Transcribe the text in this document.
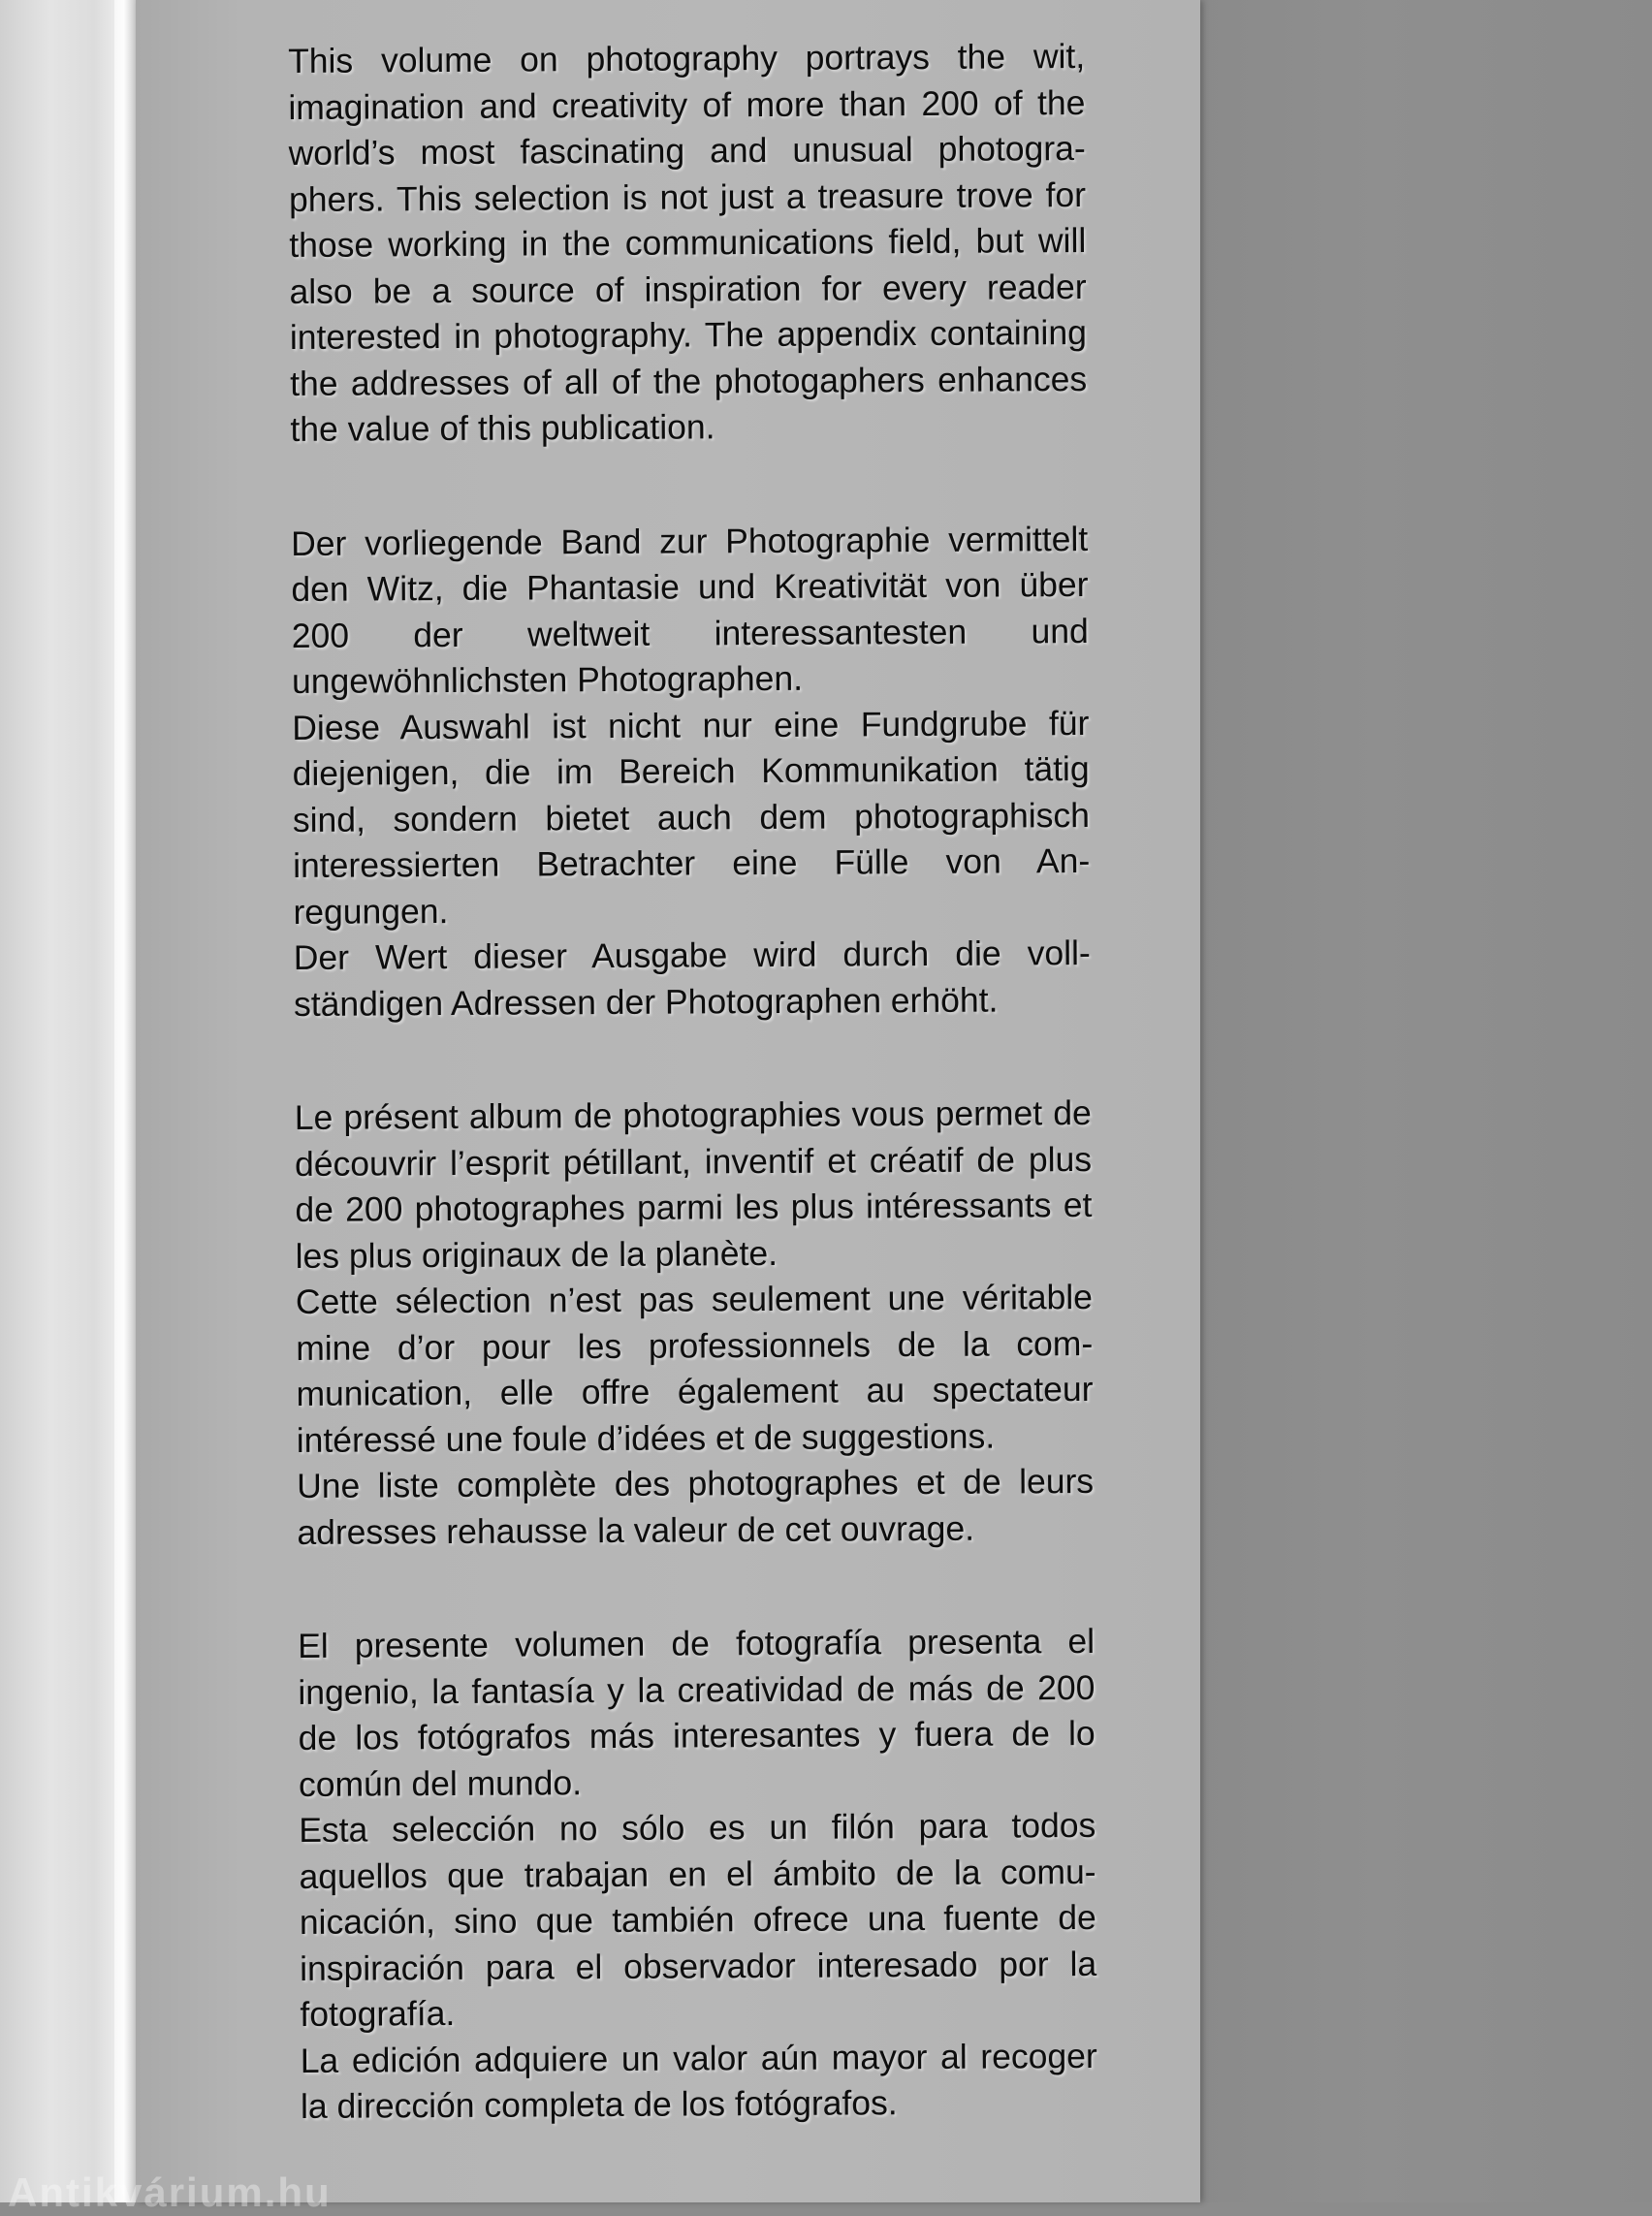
This volume on photography portrays the wit, imagination and creativity of more than 200 of the world’s most fascinating and unusual photographers. This selection is not just a treasure trove for those working in the communications field, but will also be a source of inspiration for every reader interested in photography. The appendix containing the addresses of all of the photogaphers enhances the value of this publication.

Der vorliegende Band zur Photographie vermittelt den Witz, die Phantasie und Kreativität von über 200 der weltweit interessantesten und ungewöhnlichsten Photographen.

Diese Auswahl ist nicht nur eine Fundgrube für diejenigen, die im Bereich Kommunikation tätig sind, sondern bietet auch dem photographisch interessierten Betrachter eine Fülle von Anregungen.

Der Wert dieser Ausgabe wird durch die vollständigen Adressen der Photographen erhöht.

Le présent album de photographies vous permet de découvrir l’esprit pétillant, inventif et créatif de plus de 200 photographes parmi les plus intéressants et les plus originaux de la planète.

Cette sélection n’est pas seulement une véritable mine d’or pour les professionnels de la communication, elle offre également au spectateur intéressé une foule d’idées et de suggestions.

Une liste complète des photographes et de leurs adresses rehausse la valeur de cet ouvrage.

El presente volumen de fotografía presenta el ingenio, la fantasía y la creatividad de más de 200 de los fotógrafos más interesantes y fuera de lo común del mundo.

Esta selección no sólo es un filón para todos aquellos que trabajan en el ámbito de la comunicación, sino que también ofrece una fuente de inspiración para el observador interesado por la fotografía.

La edición adquiere un valor aún mayor al recoger la dirección completa de los fotógrafos.

Antikvárium.hu
